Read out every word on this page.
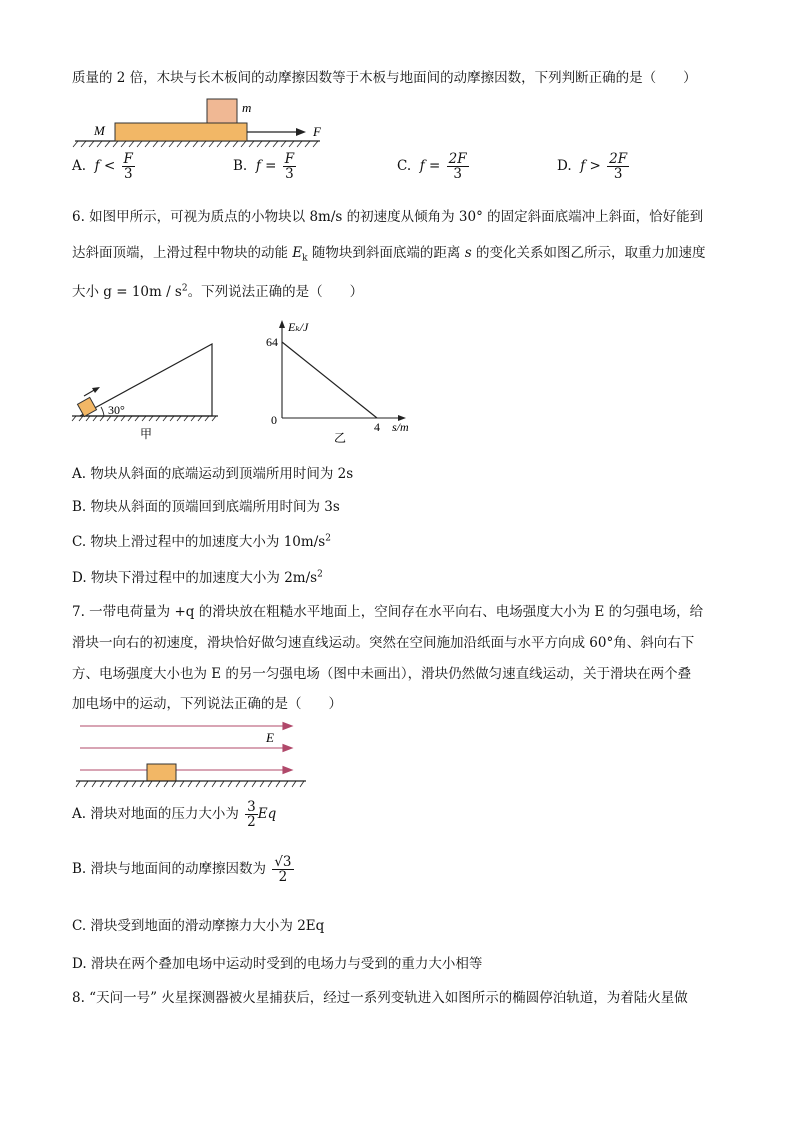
质量的 2 倍，木块与长木板间的动摩擦因数等于木板与地面间的动摩擦因数，下列判断正确的是（　　）
M
m
F
A. $f < \frac{F}{3}$	B. $f = \frac{F}{3}$	C. $f = \frac{2F}{3}$	D. $f > \frac{2F}{3}$
6. 如图甲所示，可视为质点的小物块以 8m/s 的初速度从倾角为 30° 的固定斜面底端冲上斜面，恰好能到
达斜面顶端，上滑过程中物块的动能 $E_k$ 随物块到斜面底端的距离 s 的变化关系如图乙所示，取重力加速度
大小 $g = 10m / s^2$。下列说法正确的是（　　）
30°
甲
Eₖ/J
64
0	4 s/m
乙
A. 物块从斜面的底端运动到顶端所用时间为 2s
B. 物块从斜面的顶端回到底端所用时间为 3s
C. 物块上滑过程中的加速度大小为 $10m/s^2$
D. 物块下滑过程中的加速度大小为 $2m/s^2$
7. 一带电荷量为 +q 的滑块放在粗糙水平地面上，空间存在水平向右、电场强度大小为 E 的匀强电场，给
滑块一向右的初速度，滑块恰好做匀速直线运动。突然在空间施加沿纸面与水平方向成 60°角、斜向右下
方、电场强度大小也为 E 的另一匀强电场（图中未画出），滑块仍然做匀速直线运动，关于滑块在两个叠
加电场中的运动，下列说法正确的是（　　）
E
A. 滑块对地面的压力大小为 $\frac{3}{2}$ Eq
B. 滑块与地面间的动摩擦因数为 $\frac{√3}{2}$
C. 滑块受到地面的滑动摩擦力大小为 2Eq
D. 滑块在两个叠加电场中运动时受到的电场力与受到的重力大小相等
8. “天问一号” 火星探测器被火星捕获后，经过一系列变轨进入如图所示的椭圆停泊轨道，为着陆火星做
